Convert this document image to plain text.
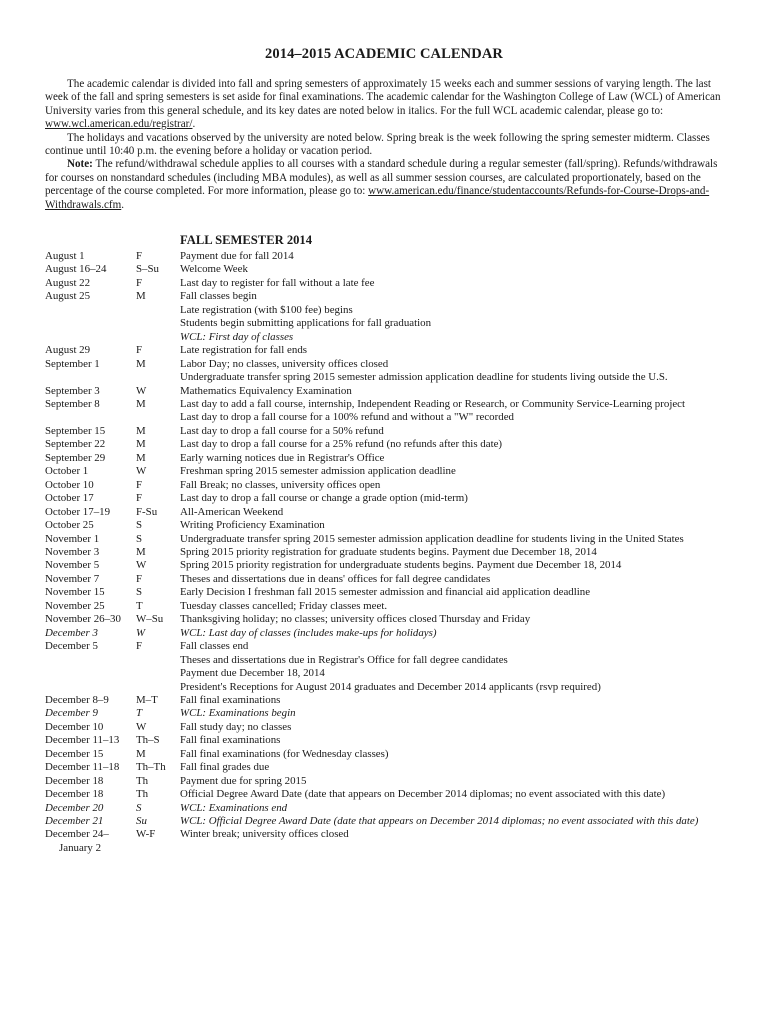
2014–2015 ACADEMIC CALENDAR

The academic calendar is divided into fall and spring semesters of approximately 15 weeks each and summer sessions of varying length. The last week of the fall and spring semesters is set aside for final examinations. The academic calendar for the Washington College of Law (WCL) of American University varies from this general schedule, and its key dates are noted below in italics. For the full WCL academic calendar, please go to: www.wcl.american.edu/registrar/.

The holidays and vacations observed by the university are noted below. Spring break is the week following the spring semester midterm. Classes continue until 10:40 p.m. the evening before a holiday or vacation period.

Note: The refund/withdrawal schedule applies to all courses with a standard schedule during a regular semester (fall/spring). Refunds/withdrawals for courses on nonstandard schedules (including MBA modules), as well as all summer session courses, are calculated proportionately, based on the percentage of the course completed. For more information, please go to: www.american.edu/finance/studentaccounts/Refunds-for-Course-Drops-and-Withdrawals.cfm.

FALL SEMESTER 2014
August 1	F	Payment due for fall 2014
August 16–24	S–Su	Welcome Week
August 22	F	Last day to register for fall without a late fee
August 25	M	Fall classes begin
Late registration (with $100 fee) begins
Students begin submitting applications for fall graduation
WCL: First day of classes
August 29	F	Late registration for fall ends
September 1	M	Labor Day; no classes, university offices closed
Undergraduate transfer spring 2015 semester admission application deadline for students living outside the U.S.
September 3	W	Mathematics Equivalency Examination
September 8	M	Last day to add a fall course, internship, Independent Reading or Research, or Community Service-Learning project
Last day to drop a fall course for a 100% refund and without a "W" recorded
September 15	M	Last day to drop a fall course for a 50% refund
September 22	M	Last day to drop a fall course for a 25% refund (no refunds after this date)
September 29	M	Early warning notices due in Registrar's Office
October 1	W	Freshman spring 2015 semester admission application deadline
October 10	F	Fall Break; no classes, university offices open
October 17	F	Last day to drop a fall course or change a grade option (mid-term)
October 17–19	F-Su	All-American Weekend
October 25	S	Writing Proficiency Examination
November 1	S	Undergraduate transfer spring 2015 semester admission application deadline for students living in the United States
November 3	M	Spring 2015 priority registration for graduate students begins. Payment due December 18, 2014
November 5	W	Spring 2015 priority registration for undergraduate students begins. Payment due December 18, 2014
November 7	F	Theses and dissertations due in deans' offices for fall degree candidates
November 15	S	Early Decision I freshman fall 2015 semester admission and financial aid application deadline
November 25	T	Tuesday classes cancelled; Friday classes meet.
November 26–30	W–Su	Thanksgiving holiday; no classes; university offices closed Thursday and Friday
December 3	W	WCL: Last day of classes (includes make-ups for holidays)
December 5	F	Fall classes end
Theses and dissertations due in Registrar's Office for fall degree candidates
Payment due December 18, 2014
President's Receptions for August 2014 graduates and December 2014 applicants (rsvp required)
December 8–9	M–T	Fall final examinations
December 9	T	WCL: Examinations begin
December 10	W	Fall study day; no classes
December 11–13	Th–S	Fall final examinations
December 15	M	Fall final examinations (for Wednesday classes)
December 11–18	Th–Th	Fall final grades due
December 18	Th	Payment due for spring 2015
December 18	Th	Official Degree Award Date (date that appears on December 2014 diplomas; no event associated with this date)
December 20	S	WCL: Examinations end
December 21	Su	WCL: Official Degree Award Date (date that appears on December 2014 diplomas; no event associated with this date)
December 24–	W-F	Winter break; university offices closed
January 2
